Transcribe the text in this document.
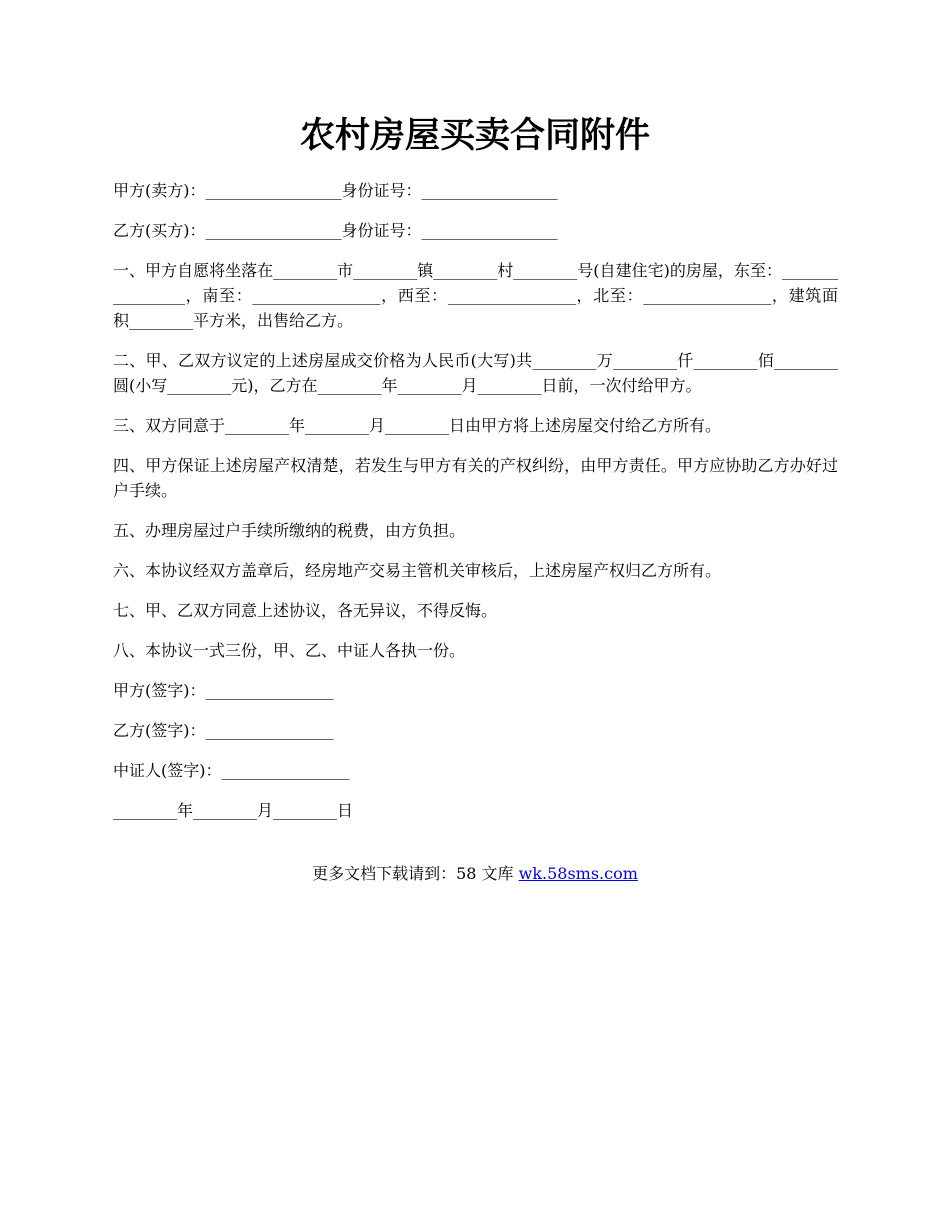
农村房屋买卖合同附件

甲方(卖方)：_________________身份证号：_________________

乙方(买方)：_________________身份证号：_________________

一、甲方自愿将坐落在________市________镇________村________号(自建住宅)的房屋，东至：________________，南至：________________，西至：________________，北至：________________，建筑面积________平方米，出售给乙方。

二、甲、乙双方议定的上述房屋成交价格为人民币(大写)共________万________仟________佰________圆(小写________元)，乙方在________年________月________日前，一次付给甲方。

三、双方同意于________年________月________日由甲方将上述房屋交付给乙方所有。

四、甲方保证上述房屋产权清楚，若发生与甲方有关的产权纠纷，由甲方责任。甲方应协助乙方办好过户手续。

五、办理房屋过户手续所缴纳的税费，由方负担。

六、本协议经双方盖章后，经房地产交易主管机关审核后，上述房屋产权归乙方所有。

七、甲、乙双方同意上述协议，各无异议，不得反悔。

八、本协议一式三份，甲、乙、中证人各执一份。

甲方(签字)：________________

乙方(签字)：________________

中证人(签字)：________________

________年________月________日

更多文档下载请到：58 文库 wk.58sms.com
